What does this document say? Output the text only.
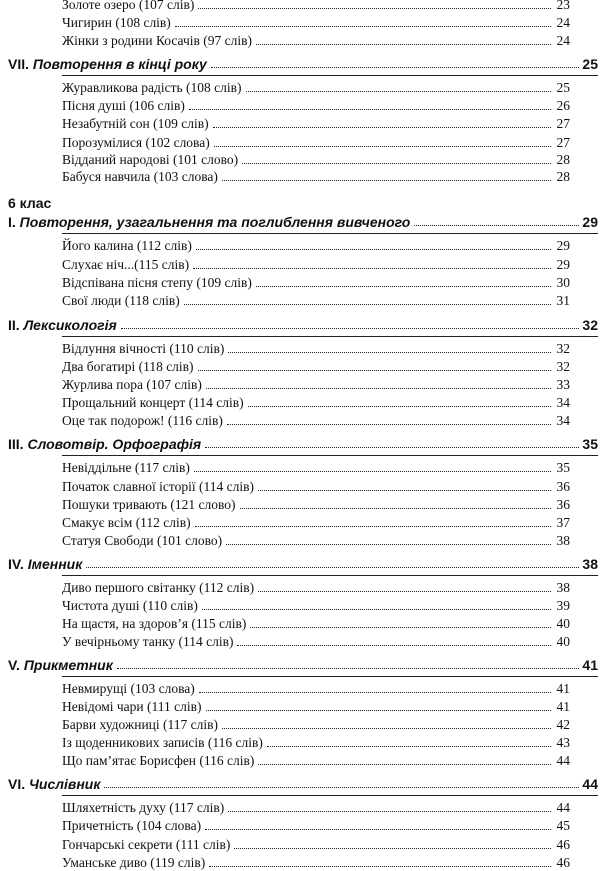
6 клас
Золоте озеро (107 слів)	23
Чигирин (108 слів)	24
Жінки з родини Косачів (97 слів)	24
VII. Повторення в кінці року	25
Журавликова радість (108 слів)	25
Пісня душі (106 слів)	26
Незабутній сон (109 слів)	27
Порозумілися (102 слова)	27
Відданий народові (101 слово)	28
Бабуся навчила (103 слова)	28
I. Повторення, узагальнення та поглиблення вивченого	29
Його калина (112 слів)	29
Слухає ніч...(115 слів)	29
Відспівана пісня степу (109 слів)	30
Свої люди (118 слів)	31
II. Лексикологія	32
Відлуння вічності (110 слів)	32
Два богатирі (118 слів)	32
Журлива пора (107 слів)	33
Прощальний концерт (114 слів)	34
Оце так подорож! (116 слів)	34
III. Словотвір. Орфографія	35
Невіддільне (117 слів)	35
Початок славної історії (114 слів)	36
Пошуки тривають (121 слово)	36
Смакує всім (112 слів)	37
Статуя Свободи (101 слово)	38
IV. Іменник	38
Диво першого світанку (112 слів)	38
Чистота душі (110 слів)	39
На щастя, на здоров’я (115 слів)	40
У вечірньому танку (114 слів)	40
V. Прикметник	41
Невмирущі (103 слова)	41
Невідомі чари (111 слів)	41
Барви художниці (117 слів)	42
Із щоденникових записів (116 слів)	43
Що пам’ятає Борисфен (116 слів)	44
VI. Числівник	44
Шляхетність духу (117 слів)	44
Причетність (104 слова)	45
Гончарські секрети (111 слів)	46
Уманське диво (119 слів)	46
